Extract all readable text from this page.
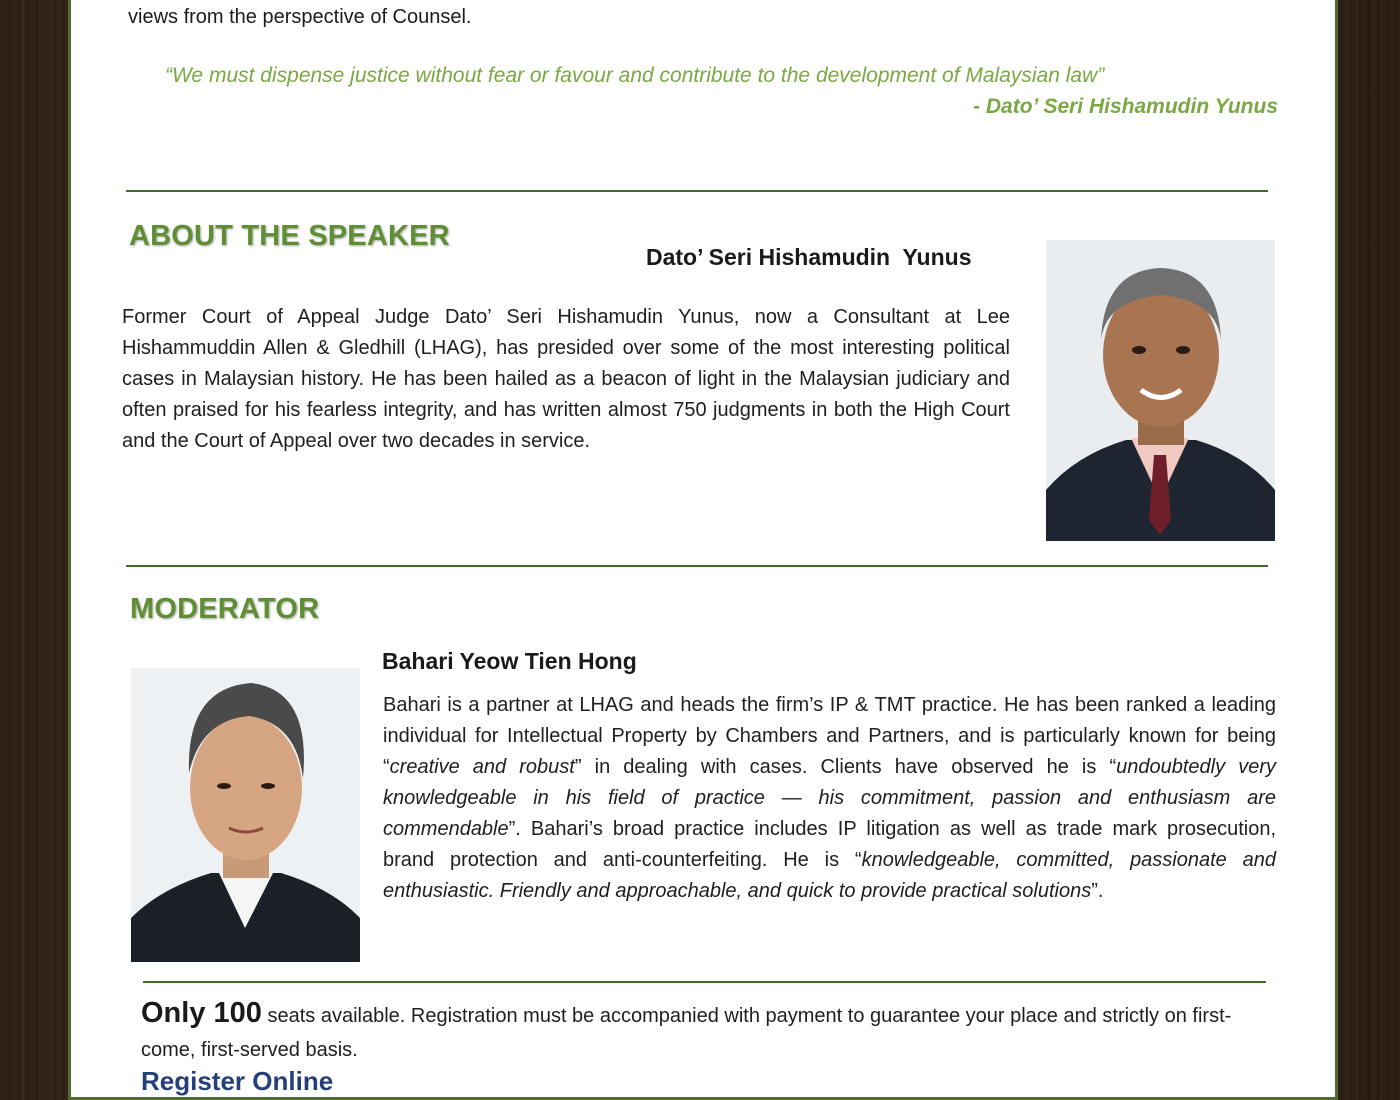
views from the perspective of Counsel.
“We must dispense justice without fear or favour and contribute to the development of Malaysian law”
- Dato’ Seri Hishamudin Yunus
ABOUT THE SPEAKER
Dato’ Seri Hishamudin  Yunus
Former Court of Appeal Judge Dato’ Seri Hishamudin Yunus, now a Consultant at Lee Hishammuddin Allen & Gledhill (LHAG), has presided over some of the most interesting political cases in Malaysian history. He has been hailed as a beacon of light in the Malaysian judiciary and often praised for his fearless integrity, and has written almost 750 judgments in both the High Court and the Court of Appeal over two decades in service.
MODERATOR
Bahari Yeow Tien Hong
Bahari is a partner at LHAG and heads the firm’s IP & TMT practice. He has been ranked a leading individual for Intellectual Property by Chambers and Partners, and is particularly known for being “creative and robust” in dealing with cases. Clients have observed he is “undoubtedly very knowledgeable in his field of practice — his commitment, passion and enthusiasm are commendable”. Bahari’s broad practice includes IP litigation as well as trade mark prosecution, brand protection and anti-counterfeiting. He is “knowledgeable, committed, passionate and enthusiastic. Friendly and approachable, and quick to provide practical solutions”.
Only 100 seats available. Registration must be accompanied with payment to guarantee your place and strictly on first-come, first-served basis.
Register Online
